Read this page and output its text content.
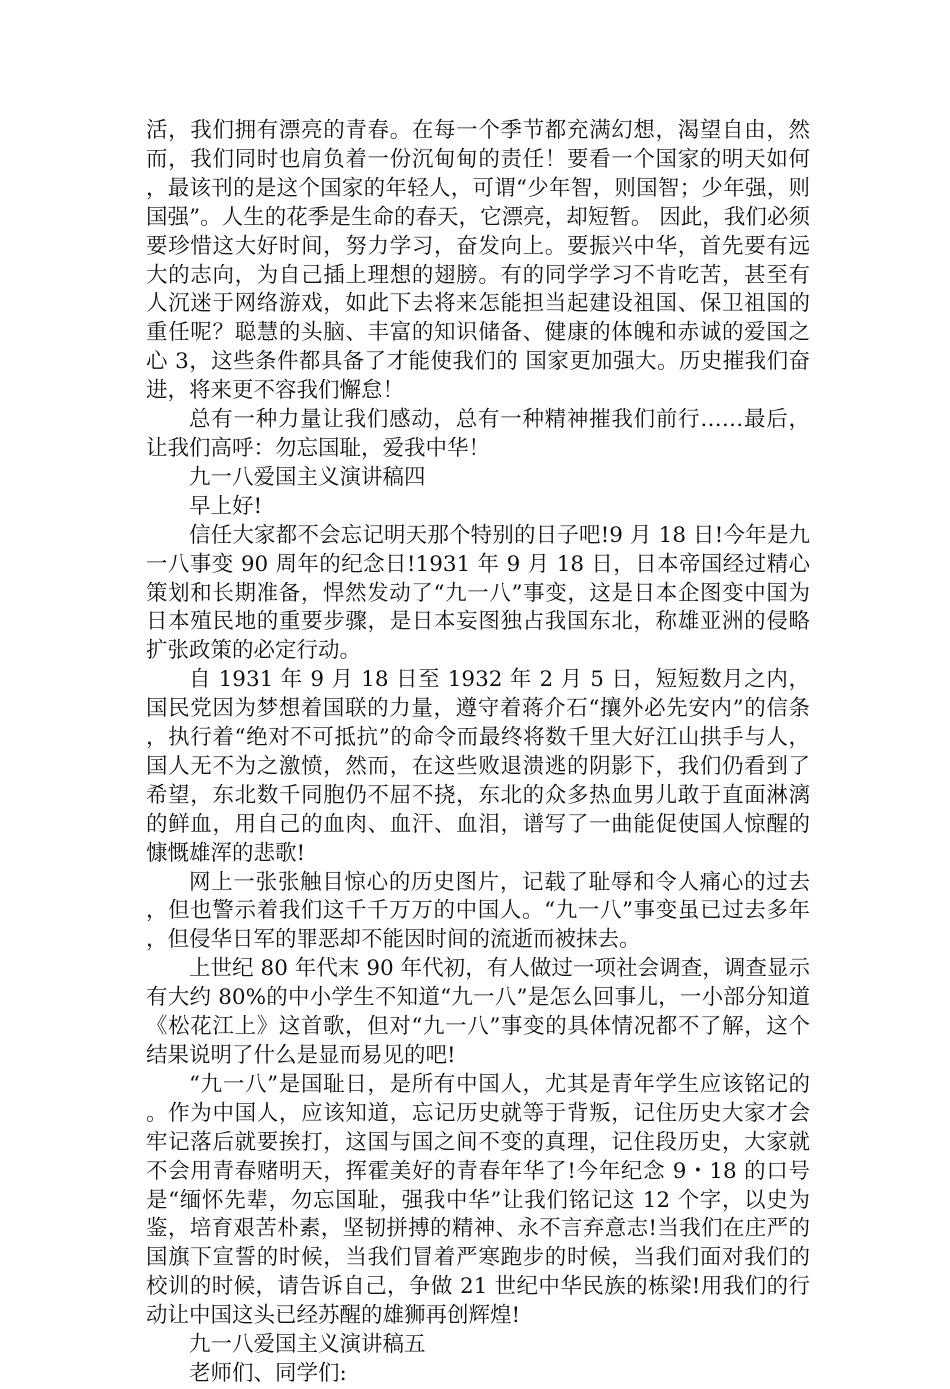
活，我们拥有漂亮的青春。在每一个季节都充满幻想，渴望自由，然而，我们同时也肩负着一份沉甸甸的责任！要看一个国家的明天如何，最该刊的是这个国家的年轻人，可谓“少年智，则国智；少年强，则国强”。人生的花季是生命的春天，它漂亮，却短暂。 因此，我们必须要珍惜这大好时间，努力学习，奋发向上。要振兴中华，首先要有远大的志向，为自己插上理想的翅膀。有的同学学习不肯吃苦，甚至有人沉迷于网络游戏，如此下去将来怎能担当起建设祖国、保卫祖国的重任呢？聪慧的头脑、丰富的知识储备、健康的体魄和赤诚的爱国之心 3，这些条件都具备了才能使我们的 国家更加强大。历史摧我们奋进，将来更不容我们懈怠！

总有一种力量让我们感动，总有一种精神摧我们前行……最后，让我们高呼：勿忘国耻，爱我中华！

九一八爱国主义演讲稿四

早上好!

信任大家都不会忘记明天那个特别的日子吧!9 月 18 日!今年是九一八事变 90 周年的纪念日!1931 年 9 月 18 日，日本帝国经过精心策划和长期准备，悍然发动了“九一八”事变，这是日本企图变中国为日本殖民地的重要步骤，是日本妄图独占我国东北，称雄亚洲的侵略扩张政策的必定行动。

自 1931 年 9 月 18 日至 1932 年 2 月 5 日，短短数月之内，国民党因为梦想着国联的力量，遵守着蒋介石“攘外必先安内”的信条，执行着“绝对不可抵抗”的命令而最终将数千里大好江山拱手与人，国人无不为之激愤，然而，在这些败退溃逃的阴影下，我们仍看到了希望，东北数千同胞仍不屈不挠，东北的众多热血男儿敢于直面淋漓的鲜血，用自己的血肉、血汗、血泪，谱写了一曲能促使国人惊醒的慷慨雄浑的悲歌!

网上一张张触目惊心的历史图片，记载了耻辱和令人痛心的过去，但也警示着我们这千千万万的中国人。“九一八”事变虽已过去多年，但侵华日军的罪恶却不能因时间的流逝而被抹去。

上世纪 80 年代末 90 年代初，有人做过一项社会调查，调查显示有大约 80%的中小学生不知道“九一八”是怎么回事儿，一小部分知道《松花江上》这首歌，但对“九一八”事变的具体情况都不了解，这个结果说明了什么是显而易见的吧!

“九一八”是国耻日，是所有中国人，尤其是青年学生应该铭记的。作为中国人，应该知道，忘记历史就等于背叛，记住历史大家才会牢记落后就要挨打，这国与国之间不变的真理，记住段历史，大家就不会用青春赌明天，挥霍美好的青春年华了!今年纪念 9・18 的口号是“缅怀先辈，勿忘国耻，强我中华”让我们铭记这 12 个字，以史为鉴，培育艰苦朴素，坚韧拼搏的精神、永不言弃意志!当我们在庄严的国旗下宣誓的时候，当我们冒着严寒跑步的时候，当我们面对我们的校训的时候，请告诉自己，争做 21 世纪中华民族的栋梁!用我们的行动让中国这头已经苏醒的雄狮再创辉煌!

九一八爱国主义演讲稿五

老师们、同学们:
